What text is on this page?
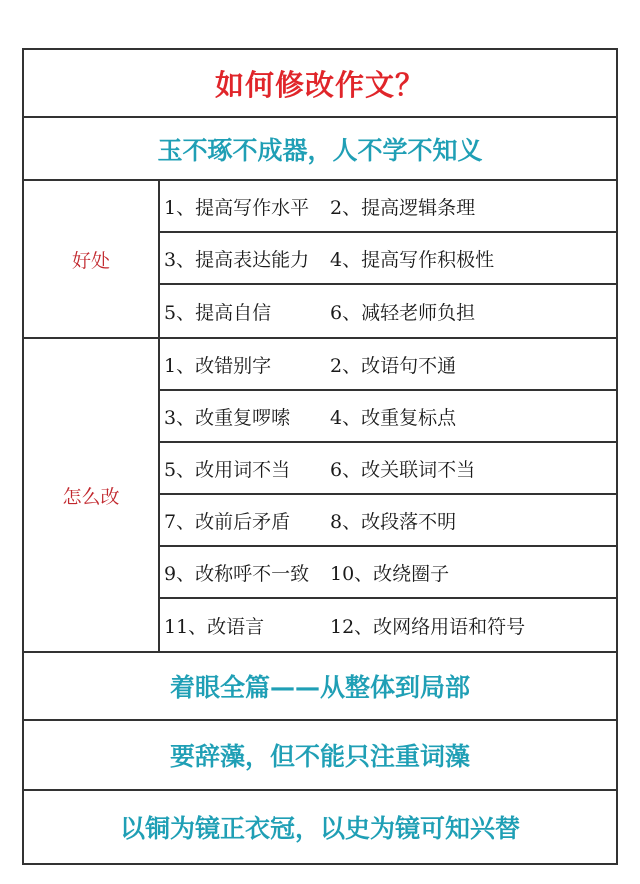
如何修改作文？
玉不琢不成器，人不学不知义
好处
1、提高写作水平	2、提高逻辑条理
3、提高表达能力	4、提高写作积极性
5、提高自信	6、减轻老师负担
怎么改
1、改错别字	2、改语句不通
3、改重复啰嗦	4、改重复标点
5、改用词不当	6、改关联词不当
7、改前后矛盾	8、改段落不明
9、改称呼不一致	10、改绕圈子
11、改语言	12、改网络用语和符号
着眼全篇——从整体到局部
要辞藻，但不能只注重词藻
以铜为镜正衣冠，以史为镜可知兴替
